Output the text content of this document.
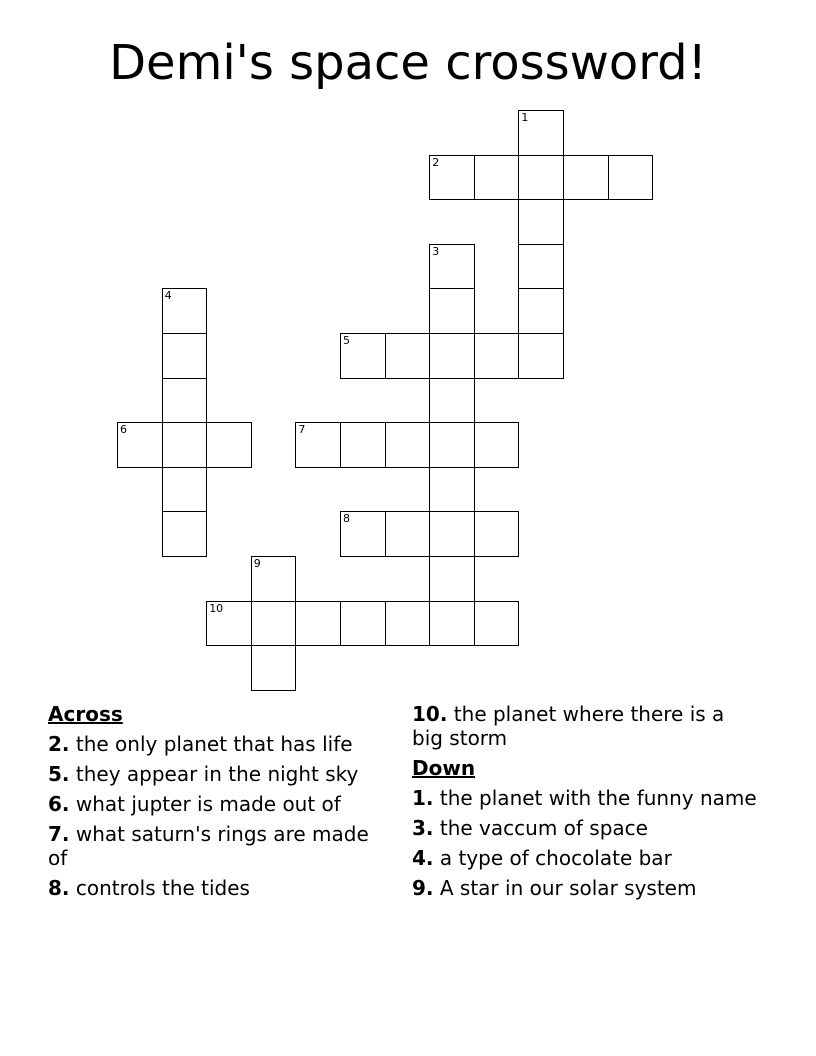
Demi's space crossword!
1
2
3
4
5
6	7
8
9
10
Across
2. the only planet that has life
5. they appear in the night sky
6. what jupter is made out of
7. what saturn's rings are made of
8. controls the tides
10. the planet where there is a big storm
Down
1. the planet with the funny name
3. the vaccum of space
4. a type of chocolate bar
9. A star in our solar system
